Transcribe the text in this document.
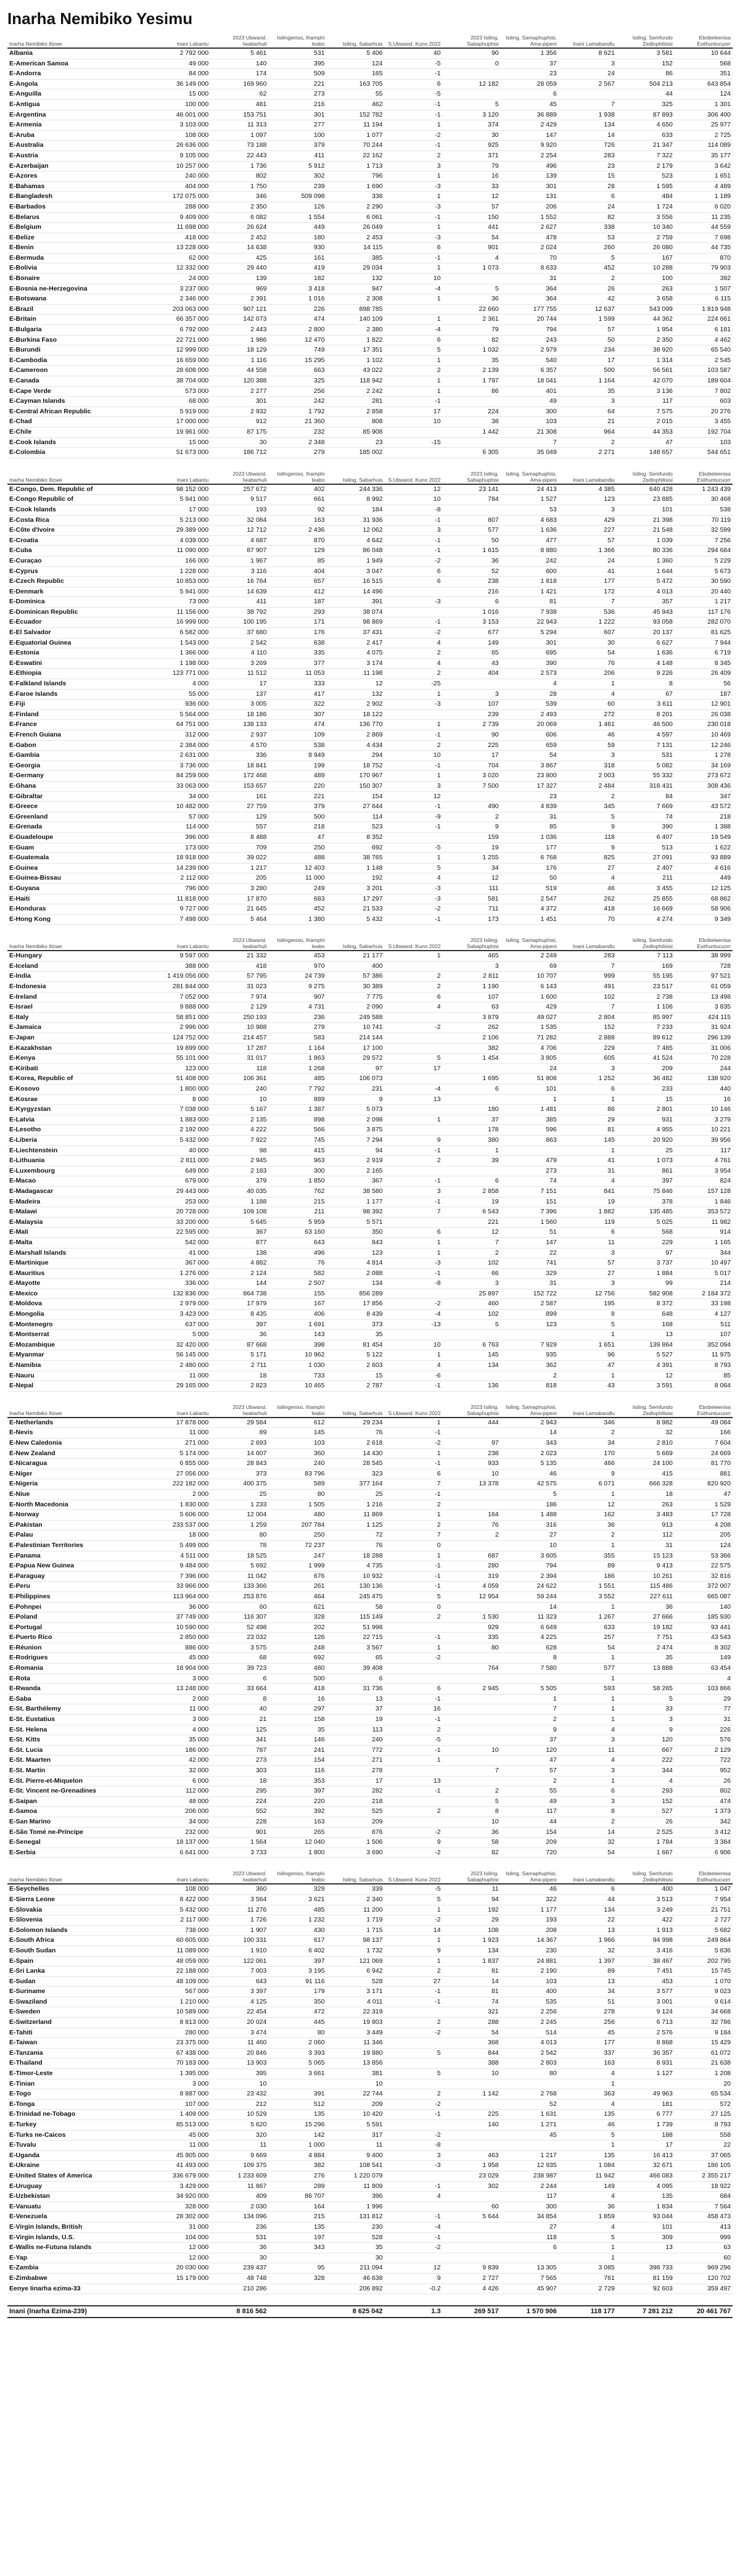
Inarha Nemibiko Yesimu
Inarha Nemibiko Ilizwe	Inani Labantu	2023 Ubwand. Iwabarhuli	Isilingeniso, Ihamphi leabo	Isiling. Sabarhuis	S.Ubwand. Kuno 2022	2023 Isiling. Sabaphuphisi	Isiling. Samaphuphisi, Ama-pipeni	Inani Lamabandlu	Isiling. Semfundo Zedlophilisisi	Ebobeleenisa Esithuntucuorr
Albania	2 792 000	5 461	531	5 406	40	90	1 356	8 621	3 581	10 644
E-American Samoa	49 000	140	395	124	-5	0	37	3	152	568
E-Andorra	84 000	174	509	165	-1		23	24	86	351
E-Angola	36 149 000	169 960	221	163 705	6	12 182	28 059	2 567	504 213	643 854
E-Anguilla	15 000	62	273	55	-5		6		44	124
E-Antigua	100 000	481	216	462	-1	5	45	7	325	1 301
E-Argentina	46 001 000	153 751	301	152 782	-1	3 120	36 889	1 938	87 893	306 400
E-Armenia	3 103 000	11 313	277	11 194	1	374	2 429	134	4 650	25 977
E-Aruba	108 000	1 097	100	1 077	-2	30	147	14	633	2 725
E-Australia	26 636 000	73 188	379	70 244	-1	925	9 920	726	21 347	114 089
E-Austria	9 105 000	22 443	411	22 162	2	371	2 254	283	7 322	35 177
E-Azerbaijan	10 257 000	1 736	5 912	1 713	3	79	496	23	2 179	3 642
E-Azores	240 000	802	302	796	1	16	139	15	523	1 651
E-Bahamas	404 000	1 750	239	1 690	-3	33	301	28	1 595	4 489
E-Bangladesh	172 075 000	346	509 098	338	1	12	131	6	484	1 189
E-Barbados	288 000	2 350	126	2 290	-3	57	206	24	1 724	6 020
E-Belarus	9 409 000	6 082	1 554	6 061	-1	150	1 552	82	3 556	11 235
E-Belgium	11 698 000	26 624	449	26 049	1	441	2 627	338	10 340	44 559
E-Belize	418 000	2 452	180	2 453	-3	54	478	53	2 759	7 698
E-Benin	13 228 000	14 638	930	14 115	6	901	2 024	260	26 080	44 735
E-Bermuda	62 000	425	161	385	-1	4	70	5	167	870
E-Bolivia	12 332 000	29 440	419	29 034	1	1 073	8 633	452	10 288	79 903
E-Bonaire	24 000	139	182	132	10		31	2	100	392
E-Bosnia ne-Herzegovina	3 237 000	969	3 418	947	-4	5	364	26	263	1 507
E-Botswana	2 346 000	2 391	1 016	2 308	1	36	364	42	3 658	6 115
E-Brazil	203 063 000	907 121	226	898 785		22 660	177 755	12 637	543 099	1 819 948
E-Britain	66 357 000	142 073	474	140 109	1	2 361	20 744	1 599	44 362	224 661
E-Bulgaria	6 792 000	2 443	2 800	2 380	-4	79	794	57	1 954	6 181
E-Burkina Faso	22 721 000	1 986	12 470	1 822	6	82	243	50	2 350	4 462
E-Burundi	12 999 000	18 129	749	17 351	5	1 032	2 979	234	38 920	65 540
E-Cambodia	16 659 000	1 116	15 295	1 102	1	35	540	17	1 314	2 545
E-Cameroon	28 608 000	44 558	663	43 022	2	2 139	6 357	500	56 561	103 587
E-Canada	38 704 000	120 388	325	118 942	1	1 797	18 041	1 164	42 070	189 604
E-Cape Verde	573 000	2 277	256	2 242	1	86	401	35	3 136	7 802
E-Cayman Islands	68 000	301	242	281	-1		49	3	117	603
E-Central African Republic	5 919 000	2 932	1 792	2 858	17	224	300	64	7 575	20 276
E-Chad	17 000 000	912	21 360	808	10	38	103	21	2 015	3 455
E-Chile	19 961 000	87 175	232	85 908		1 442	21 308	964	44 353	192 704
E-Cook Islands	15 000	30	2 348	23	-15		7	2	47	103
E-Colombia	51 673 000	186 712	279	185 002		6 305	35 049	2 271	148 657	544 651
Inarha Nemibiko Ilizwe	Inani Labantu	2023 Ubwand. Iwabarhuli	Isilingeniso, Ihamphi leabo	Isiling. Sabarhuis	S.Ubwand. Kuno 2022	2023 Isiling. Sabaphuphisi	Isiling. Samaphuphisi, Ama-pipeni	Inani Lamabandlu	Isiling. Semfundo Zedlophilisisi	Ebobeleenisa Esithuntucuorr
E-Congo, Dem. Republic of	98 152 000	257 672	402	244 336	12	23 141	24 413	4 385	640 428	1 243 439
E-Congo Republic of	5 941 000	9 517	661	8 992	10	784	1 527	123	23 885	30 468
E-Cook Islands	17 000	193	92	184	-8		53	3	101	538
E-Costa Rica	5 213 000	32 084	163	31 936	-1	807	4 683	429	21 398	70 119
E-Côte d'Ivoire	29 389 000	12 712	2 436	12 062	3	577	1 636	227	21 548	32 599
E-Croatia	4 039 000	4 687	870	4 642	-1	50	477	57	1 039	7 256
E-Cuba	11 090 000	87 907	129	86 048	-1	1 615	8 880	1 366	80 336	294 684
E-Curaçao	166 000	1 967	85	1 949	-2	36	242	24	1 360	5 229
E-Cyprus	1 228 000	3 116	404	3 047	6	52	600	41	1 644	5 673
E-Czech Republic	10 853 000	16 764	657	16 515	6	238	1 818	177	5 472	30 590
E-Denmark	5 941 000	14 639	412	14 496		216	1 421	172	4 013	20 440
E-Dominica	73 000	411	187	391	-3	6	81	7	357	1 217
E-Dominican Republic	11 156 000	38 792	293	38 074		1 016	7 938	536	45 943	117 176
E-Ecuador	16 999 000	100 195	171	98 869	-1	3 153	22 943	1 222	93 058	282 070
E-El Salvador	6 582 000	37 680	176	37 431	-2	677	5 294	607	20 137	81 625
E-Equatorial Guinea	1 543 000	2 542	638	2 417	4	149	301	30	6 627	7 944
E-Estonia	1 366 000	4 110	335	4 075	2	65	695	54	1 636	6 719
E-Eswatini	1 198 000	3 269	377	3 174	4	43	390	76	4 148	8 345
E-Ethiopia	123 771 000	11 512	11 053	11 198	2	404	2 573	206	9 226	26 409
E-Falkland Islands	4 000	17	333	12	-25		4	1	8	56
E-Faroe Islands	55 000	137	417	132	1	3	28	4	67	187
E-Fiji	936 000	3 005	322	2 902	-3	107	539	60	3 611	12 901
E-Finland	5 564 000	18 186	307	18 122		239	2 493	272	8 201	26 038
E-France	64 751 000	138 133	474	136 770	1	2 739	20 069	1 461	46 500	230 018
E-French Guiana	312 000	2 937	109	2 869	-1	90	606	46	4 597	10 469
E-Gabon	2 384 000	4 570	538	4 434	2	225	659	59	7 131	12 246
E-Gambia	2 631 000	336	8 949	294	10	17	54	3	531	1 278
E-Georgia	3 736 000	18 841	199	18 752	-1	704	3 867	318	5 082	34 169
E-Germany	84 259 000	172 468	489	170 967	1	3 020	23 800	2 003	55 332	273 672
E-Ghana	33 063 000	153 657	220	150 307	3	7 500	17 327	2 484	318 431	308 436
E-Gibraltar	34 000	161	221	154	12		23	2	84	347
E-Greece	10 482 000	27 759	379	27 644	-1	490	4 839	345	7 669	43 572
E-Greenland	57 000	129	500	114	-9	2	31	5	74	218
E-Grenada	114 000	557	218	523	-1	9	85	9	390	1 388
E-Guadeloupe	396 000	8 488	47	8 352		159	1 036	118	6 407	19 549
E-Guam	173 000	709	250	692	-5	19	177	9	513	1 622
E-Guatemala	18 918 000	39 022	488	38 765	1	1 255	6 768	825	27 091	93 889
E-Guinea	14 239 000	1 217	12 403	1 148	5	34	176	27	2 407	4 616
E-Guinea-Bissau	2 112 000	205	11 000	192	4	12	50	4	211	449
E-Guyana	796 000	3 280	249	3 201	-3	111	519	46	3 455	12 125
E-Haiti	11 818 000	17 870	683	17 297	-3	581	2 547	262	25 855	68 862
E-Honduras	9 727 000	21 645	452	21 533	-2	711	4 372	418	16 669	58 906
E-Hong Kong	7 498 000	5 464	1 380	5 432	-1	173	1 451	70	4 274	9 349
Inarha Nemibiko Ilizwe	Inani Labantu	2023 Ubwand. Iwabarhuli	Isilingeniso, Ihamphi leabo	Isiling. Sabarhuis	S.Ubwand. Kuno 2022	2023 Isiling. Sabaphuphisi	Isiling. Samaphuphisi, Ama-pipeni	Inani Lamabandlu	Isiling. Semfundo Zedlophilisisi	Ebobeleenisa Esithuntucuorr
E-Hungary	9 597 000	21 332	453	21 177	1	465	2 249	283	7 113	38 999
E-Iceland	388 000	418	970	400		3	69	7	169	728
E-India	1 419 056 000	57 795	24 739	57 386	2	2 811	10 707	999	55 195	97 521
E-Indonesia	281 844 000	31 023	9 275	30 389	2	1 190	6 143	491	23 517	61 059
E-Ireland	7 052 000	7 974	907	7 775	6	107	1 600	102	2 738	13 498
E-Israel	9 888 000	2 129	4 731	2 090	4	63	429	7	1 106	3 835
E-Italy	58 851 000	250 193	236	249 588		3 879	49 027	2 804	85 997	424 115
E-Jamaica	2 996 000	10 988	279	10 741	-2	262	1 535	152	7 233	31 924
E-Japan	124 752 000	214 457	583	214 144		2 106	71 282	2 888	89 612	296 139
E-Kazakhstan	19 899 000	17 287	1 164	17 100		382	4 706	229	7 485	31 006
E-Kenya	55 101 000	31 017	1 863	29 572	5	1 454	3 805	605	41 524	70 228
E-Kiribati	123 000	118	1 268	97	17		24	3	209	244
E-Korea, Republic of	51 408 000	106 361	485	106 073		1 695	51 808	1 252	36 482	138 920
E-Kosovo	1 800 000	240	7 792	231	-4	6	101	6	233	440
E-Kosrae	8 000	10	889	9	13		1	1	15	16
E-Kyrgyzstan	7 038 000	5 167	1 387	5 073		180	1 481	86	2 801	10 146
E-Latvia	1 883 000	2 135	898	2 098	1	37	385	29	931	3 279
E-Lesotho	2 192 000	4 222	566	3 875		178	596	81	4 955	10 221
E-Liberia	5 432 000	7 922	745	7 294	9	380	863	145	20 920	39 956
E-Liechtenstein	40 000	98	415	94	-1	1		1	25	117
E-Lithuania	2 811 000	2 945	963	2 919	2	39	479	41	1 073	4 761
E-Luxembourg	649 000	2 183	300	2 165			273	31	861	3 954
E-Macao	679 000	379	1 850	367	-1	6	74	4	397	824
E-Madagascar	29 443 000	40 035	762	38 580	3	2 858	7 151	841	75 846	157 128
E-Madeira	253 000	1 188	215	1 177	-1	19	151	19	378	1 846
E-Malawi	20 728 000	109 108	211	98 392	7	6 543	7 396	1 882	135 485	353 572
E-Malaysia	33 200 000	5 645	5 959	5 571		221	1 560	119	5 025	11 982
E-Mali	22 595 000	367	63 160	350	6	12	51	6	568	914
E-Malta	542 000	877	643	843	1	7	147	11	229	1 165
E-Marshall Islands	41 000	138	496	123	1	2	22	3	97	344
E-Martinique	367 000	4 882	76	4 814	-3	102	741	57	3 737	10 497
E-Mauritius	1 276 000	2 124	582	2 088	-1	66	329	27	1 884	5 017
E-Mayotte	336 000	144	2 507	134	-8	3	31	3	99	214
E-Mexico	132 836 000	864 738	155	856 289		25 897	152 722	12 756	582 908	2 184 372
E-Moldova	2 979 000	17 979	167	17 856	-2	460	2 587	195	8 372	33 198
E-Mongolia	3 423 000	8 435	406	8 439	-4	102	899	8	648	4 127
E-Montenegro	637 000	397	1 691	373	-13	5	123	5	168	511
E-Montserrat	5 000	36	143	35				1	13	107
E-Mozambique	32 420 000	87 668	398	81 454	10	6 763	7 929	1 651	139 864	352 094
E-Myanmar	56 145 000	5 171	10 962	5 122	1	145	935	96	5 527	11 975
E-Namibia	2 480 000	2 711	1 030	2 603	4	134	362	47	4 391	8 793
E-Nauru	11 000	18	733	15	-6		2	1	12	85
E-Nepal	29 165 000	2 823	10 465	2 787	-1	136	818	43	3 591	8 064
Inarha Nemibiko Ilizwe	Inani Labantu	2023 Ubwand. Iwabarhuli	Isilingeniso, Ihamphi leabo	Isiling. Sabarhuis	S.Ubwand. Kuno 2022	2023 Isiling. Sabaphuphisi	Isiling. Samaphuphisi, Ama-pipeni	Inani Lamabandlu	Isiling. Semfundo Zedlophilisisi	Ebobeleenisa Esithuntucuorr
E-Netherlands	17 878 000	29 584	612	29 234	1	444	2 943	346	8 982	49 084
E-Nevis	11 000	89	145	76	-1		14	2	32	166
E-New Caledonia	271 000	2 693	103	2 618	-2	97	343	34	2 810	7 604
E-New Zealand	5 174 000	14 607	360	14 430	1	238	2 023	170	5 669	24 669
E-Nicaragua	6 855 000	28 843	240	28 545	-1	933	5 135	466	24 100	81 770
E-Niger	27 056 000	373	83 796	323	6	10	46	9	415	881
E-Nigeria	222 182 000	400 375	589	377 164	7	13 378	42 575	6 071	666 328	820 920
E-Niue	2 000	25	80	25	-1		5	1	18	47
E-North Macedonia	1 830 000	1 233	1 505	1 216	2		186	12	263	1 529
E-Norway	5 606 000	12 004	480	11 869	1	164	1 488	162	3 483	17 728
E-Pakistan	233 537 000	1 259	207 784	1 125	2	76	316	36	913	4 208
E-Palau	18 000	80	250	72	7	2	27	2	112	205
E-Palestinian Territories	5 499 000	78	72 237	76	0		10	1	31	124
E-Panama	4 511 000	18 525	247	18 288	1	687	3 605	355	15 123	53 366
E-Papua New Guinea	9 484 000	5 692	1 999	4 735	-1	280	794	89	9 413	22 575
E-Paraguay	7 396 000	11 042	676	10 932	-1	319	2 394	186	10 261	32 816
E-Peru	33 966 000	133 366	261	130 136	-1	4 059	24 622	1 551	115 486	372 007
E-Philippines	113 964 000	253 876	464	245 475	5	12 954	59 244	3 552	227 611	665 087
E-Pohnpei	36 000	60	621	58	0		14	1	36	140
E-Poland	37 749 000	116 307	328	115 149	2	1 530	11 323	1 267	27 666	185 930
E-Portugal	10 590 000	52 498	202	51 998		929	6 649	633	19 182	93 441
E-Puerto Rico	2 850 000	23 032	126	22 715	-1	335	4 225	257	7 751	43 543
E-Réunion	886 000	3 575	248	3 567	1	80	628	54	2 474	8 302
E-Rodrigues	45 000	68	692	65	-2		8	1	35	149
E-Romania	18 904 000	39 723	480	39 408		764	7 580	577	13 888	63 454
E-Rota	3 000	6	500	6				1		4
E-Rwanda	13 248 000	33 664	418	31 736	6	2 945	5 505	593	58 265	103 866
E-Saba	2 000	8	16	13	-1		1	1	5	29
E-St. Barthélemy	11 000	40	297	37	16		7	1	33	77
E-St. Eustatius	3 000	21	158	19	-1		2	1	3	31
E-St. Helena	4 000	125	35	113	2		9	4	9	226
E-St. Kitts	35 000	341	146	240	-5		37	3	120	576
E-St. Lucia	186 000	787	241	772	-1	10	120	11	667	2 129
E-St. Maarten	42 000	273	154	271	1		47	4	222	722
E-St. Martin	32 000	303	116	278		7	57	3	344	952
E-St. Pierre-et-Miquelon	6 000	18	353	17	13		2	1	4	26
E-St. Vincent ne-Grenadines	112 000	295	397	282	-1	2	55	6	293	802
E-Saipan	48 000	224	220	218		5	49	3	152	474
E-Samoa	206 000	552	392	525	2	8	117	8	527	1 373
E-San Marino	34 000	228	163	209		10	44	2	26	342
E-São Tomé ne-Príncipe	232 000	901	265	876	-2	36	154	14	2 525	3 412
E-Senegal	18 137 000	1 564	12 040	1 506	9	58	209	32	1 784	3 384
E-Serbia	6 641 000	3 733	1 800	3 690	-2	82	720	54	1 667	6 906
Inarha Nemibiko Ilizwe	Inani Labantu	2023 Ubwand. Iwabarhuli	Isilingeniso, Ihamphi leabo	Isiling. Sabarhuis	S.Ubwand. Kuno 2022	2023 Isiling. Sabaphuphisi	Isiling. Samaphuphisi, Ama-pipeni	Inani Lamabandlu	Isiling. Semfundo Zedlophilisisi	Ebobeleenisa Esithuntucuorr
E-Seychelles	108 000	360	329	339	-5	11	46	6	400	1 047
E-Sierra Leone	8 422 000	3 564	3 621	2 340	5	94	322	44	3 513	7 954
E-Slovakia	5 432 000	11 276	485	11 200	1	192	1 177	134	3 249	21 751
E-Slovenia	2 117 000	1 726	1 232	1 719	-2	29	193	22	422	2 727
E-Solomon Islands	738 000	1 907	430	1 715	14	108	208	13	1 913	5 682
E-South Africa	60 605 000	100 331	617	98 137	1	1 923	14 367	1 966	94 998	249 864
E-South Sudan	11 089 000	1 910	6 402	1 732	9	134	230	32	3 416	5 836
E-Spain	48 059 000	122 061	397	121 069	1	1 837	24 881	1 397	38 467	202 795
E-Sri Lanka	22 188 000	7 003	3 195	6 942	2	81	2 190	89	7 451	15 745
E-Sudan	48 109 000	643	91 116	528	27	14	103	13	453	1 070
E-Suriname	567 000	3 397	179	3 171	-1	81	400	34	3 577	9 023
E-Swaziland	1 210 000	4 125	350	4 011	-1	74	535	51	3 001	9 614
E-Sweden	10 589 000	22 454	472	22 319		321	2 256	278	9 124	34 668
E-Switzerland	8 813 000	20 024	445	19 803	2	288	2 245	256	6 713	32 786
E-Tahiti	280 000	3 474	80	3 449	-2	54	514	45	2 576	9 184
E-Taiwan	23 375 000	11 460	2 060	11 346		368	4 013	177	8 868	15 429
E-Tanzania	67 438 000	20 846	3 393	19 880	5	844	2 542	337	36 357	61 072
E-Thailand	70 183 000	13 903	5 065	13 856		388	2 803	163	8 931	21 638
E-Timor-Leste	1 395 000	395	3 661	381	5	10	80	4	1 127	1 208
E-Tinian	3 000	10		10				1		20
E-Togo	8 887 000	23 432	391	22 744	2	1 142	2 768	363	49 963	65 534
E-Tonga	107 000	212	512	209	-2		52	4	181	572
E-Trinidad ne-Tobago	1 409 000	10 529	135	10 420	-1	225	1 631	135	6 777	27 125
E-Turkey	85 513 000	5 620	15 296	5 591		140	1 271	46	1 739	8 793
E-Turks ne-Caicos	45 000	320	142	317	-2		45	5	188	558
E-Tuvalu	11 000	11	1 000	11	-8			1	17	22
E-Uganda	45 905 000	9 669	4 884	9 400	3	463	1 217	135	16 413	37 065
E-Ukraine	41 493 000	109 375	382	108 541	-3	1 958	12 935	1 084	32 671	186 105
E-United States of America	336 679 000	1 233 609	276	1 220 079		23 029	238 987	11 942	466 083	2 355 217
E-Uruguay	3 429 000	11 867	289	11 809	-1	302	2 244	149	4 095	18 922
E-Uzbekistan	34 920 000	409	86 707	396	4		117	4	135	684
E-Vanuatu	328 000	2 030	164	1 996		60	300	36	1 834	7 564
E-Venezuela	28 302 000	134 096	215	131 812	-1	5 644	34 854	1 859	93 044	458 473
E-Virgin Islands, British	31 000	236	135	230	-4		27	4	101	413
E-Virgin Islands, U.S.	104 000	531	197	528	-1		118	5	309	999
E-Wallis ne-Futuna Islands	12 000	36	343	35	-2		6	1	13	63
E-Yap	12 000	30		30				1		60
E-Zambia	20 030 000	239 437	95	211 094	12	9 839	13 305	3 085	398 733	969 296
E-Zimbabwe	15 179 000	48 748	328	46 638	9	2 727	7 565	761	81 159	120 702
Eenye Iinarha ezima-33		210 286		206 892	-0.2	4 426	45 907	2 729	92 603	359 497
Inani (Inarha Ezima-239)		8 816 562		8 625 042	1.3	269 517	1 570 906	118 177	7 281 212	20 461 767
